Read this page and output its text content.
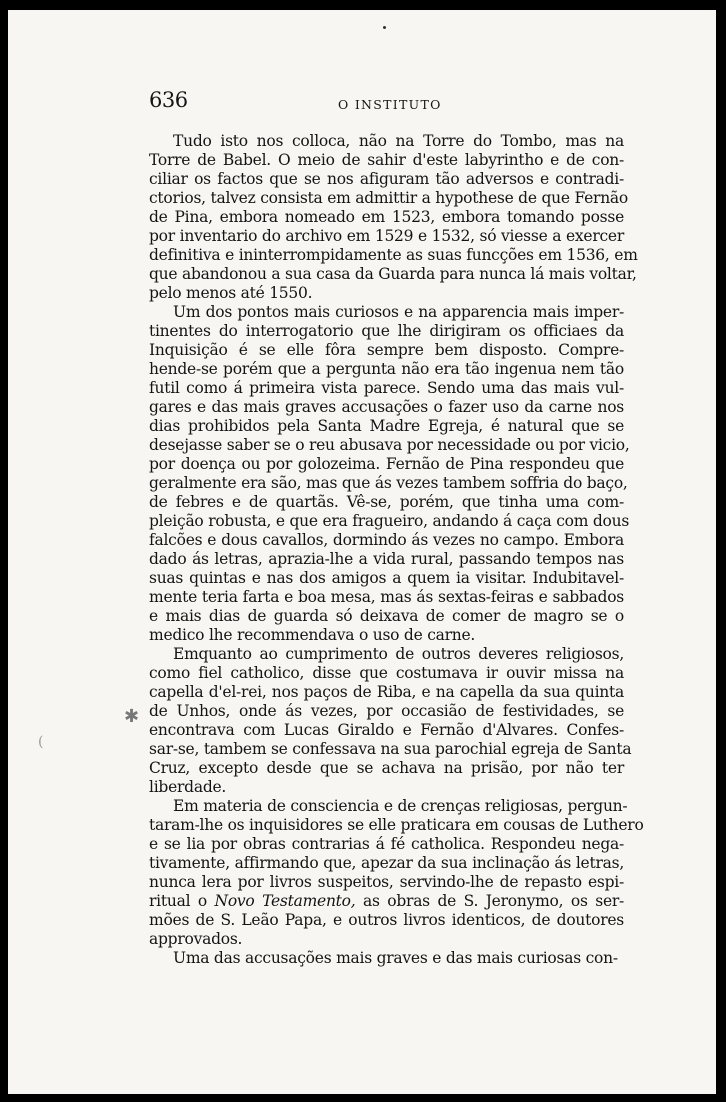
636	O INSTITUTO
Tudo isto nos colloca, não na Torre do Tombo, mas na
Torre de Babel. O meio de sahir d'este labyrintho e de con-
ciliar os factos que se nos afiguram tão adversos e contradi-
ctorios, talvez consista em admittir a hypothese de que Fernão
de Pina, embora nomeado em 1523, embora tomando posse
por inventario do archivo em 1529 e 1532, só viesse a exercer
definitiva e ininterrompidamente as suas funcções em 1536, em
que abandonou a sua casa da Guarda para nunca lá mais voltar,
pelo menos até 1550.
Um dos pontos mais curiosos e na apparencia mais imper-
tinentes do interrogatorio que lhe dirigiram os officiaes da
Inquisição é se elle fôra sempre bem disposto. Compre-
hende-se porém que a pergunta não era tão ingenua nem tão
futil como á primeira vista parece. Sendo uma das mais vul-
gares e das mais graves accusações o fazer uso da carne nos
dias prohibidos pela Santa Madre Egreja, é natural que se
desejasse saber se o reu abusava por necessidade ou por vicio,
por doença ou por golozeima. Fernão de Pina respondeu que
geralmente era são, mas que ás vezes tambem soffria do baço,
de febres e de quartãs. Vê-se, porém, que tinha uma com-
pleição robusta, e que era fragueiro, andando á caça com dous
falcões e dous cavallos, dormindo ás vezes no campo. Embora
dado ás letras, aprazia-lhe a vida rural, passando tempos nas
suas quintas e nas dos amigos a quem ia visitar. Indubitavel-
mente teria farta e boa mesa, mas ás sextas-feiras e sabbados
e mais dias de guarda só deixava de comer de magro se o
medico lhe recommendava o uso de carne.
Emquanto ao cumprimento de outros deveres religiosos,
como fiel catholico, disse que costumava ir ouvir missa na
capella d'el-rei, nos paços de Riba, e na capella da sua quinta
de Unhos, onde ás vezes, por occasião de festividades, se
encontrava com Lucas Giraldo e Fernão d'Alvares. Confes-
sar-se, tambem se confessava na sua parochial egreja de Santa
Cruz, excepto desde que se achava na prisão, por não ter
liberdade.
Em materia de consciencia e de crenças religiosas, pergun-
taram-lhe os inquisidores se elle praticara em cousas de Luthero
e se lia por obras contrarias á fé catholica. Respondeu nega-
tivamente, affirmando que, apezar da sua inclinação ás letras,
nunca lera por livros suspeitos, servindo-lhe de repasto espi-
ritual o Novo Testamento, as obras de S. Jeronymo, os ser-
mões de S. Leão Papa, e outros livros identicos, de doutores
approvados.
Uma das accusações mais graves e das mais curiosas con-
✱
(
